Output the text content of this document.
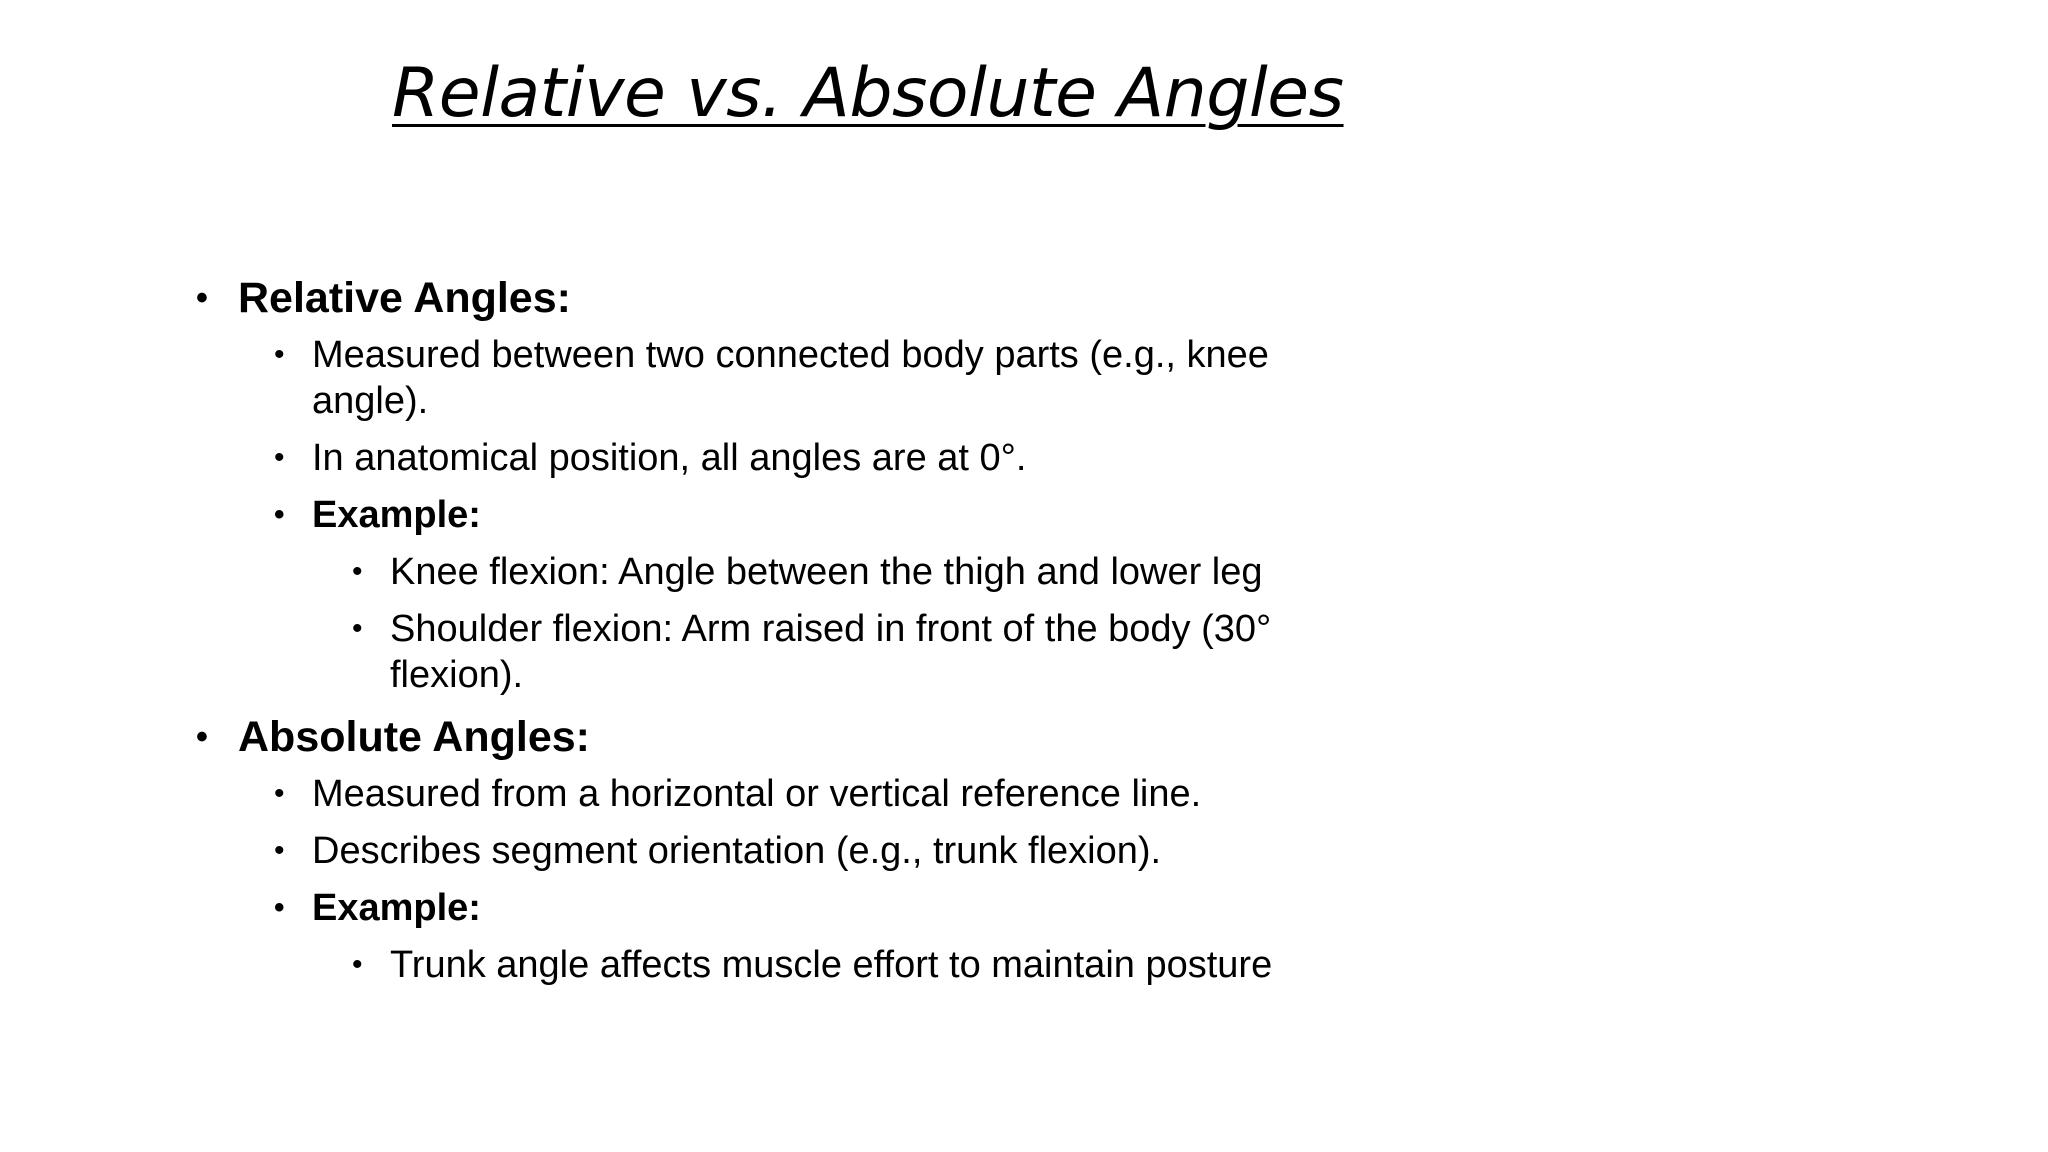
Relative vs. Absolute Angles
• Relative Angles:
• Measured between two connected body parts (e.g., knee angle).
• In anatomical position, all angles are at 0°.
• Example:
• Knee flexion: Angle between the thigh and lower leg
• Shoulder flexion: Arm raised in front of the body (30° flexion).
• Absolute Angles:
• Measured from a horizontal or vertical reference line.
• Describes segment orientation (e.g., trunk flexion).
• Example:
• Trunk angle affects muscle effort to maintain posture
